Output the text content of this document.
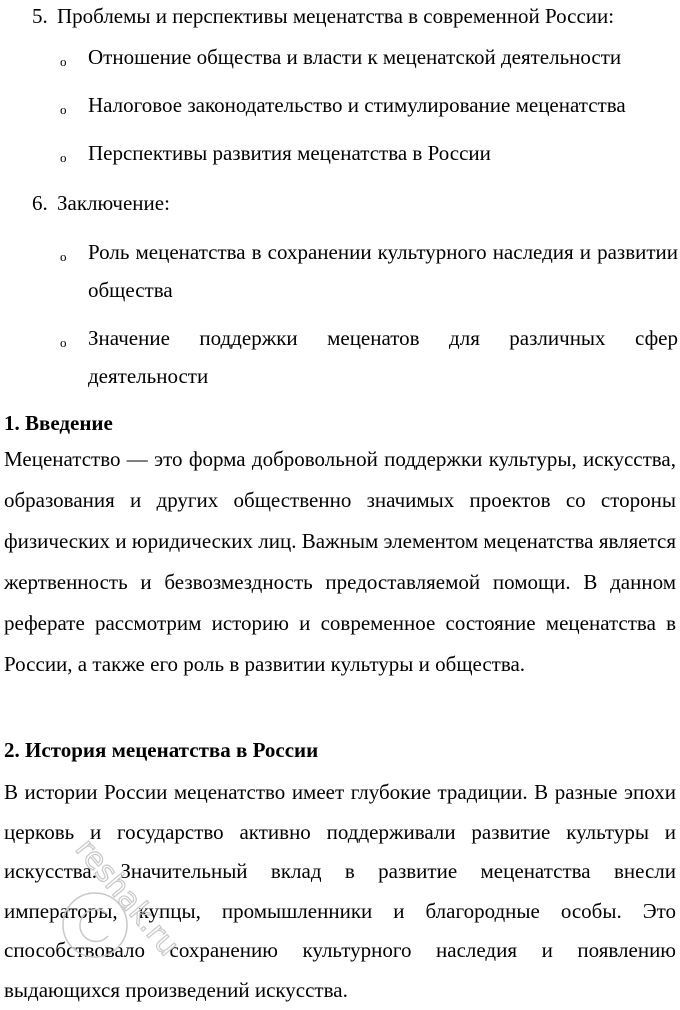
5. Проблемы и перспективы меценатства в современной России:
o Отношение общества и власти к меценатской деятельности
o Налоговое законодательство и стимулирование меценатства
o Перспективы развития меценатства в России
6. Заключение:
o Роль меценатства в сохранении культурного наследия и развитии общества
o Значение поддержки меценатов для различных сфер деятельности
1. Введение
Меценатство — это форма добровольной поддержки культуры, искусства, образования и других общественно значимых проектов со стороны физических и юридических лиц. Важным элементом меценатства является жертвенность и безвозмездность предоставляемой помощи. В данном реферате рассмотрим историю и современное состояние меценатства в России, а также его роль в развитии культуры и общества.
2. История меценатства в России
В истории России меценатство имеет глубокие традиции. В разные эпохи церковь и государство активно поддерживали развитие культуры и искусства. Значительный вклад в развитие меценатства внесли императоры, купцы, промышленники и благородные особы. Это способствовало сохранению культурного наследия и появлению выдающихся произведений искусства.
reshak.ru
